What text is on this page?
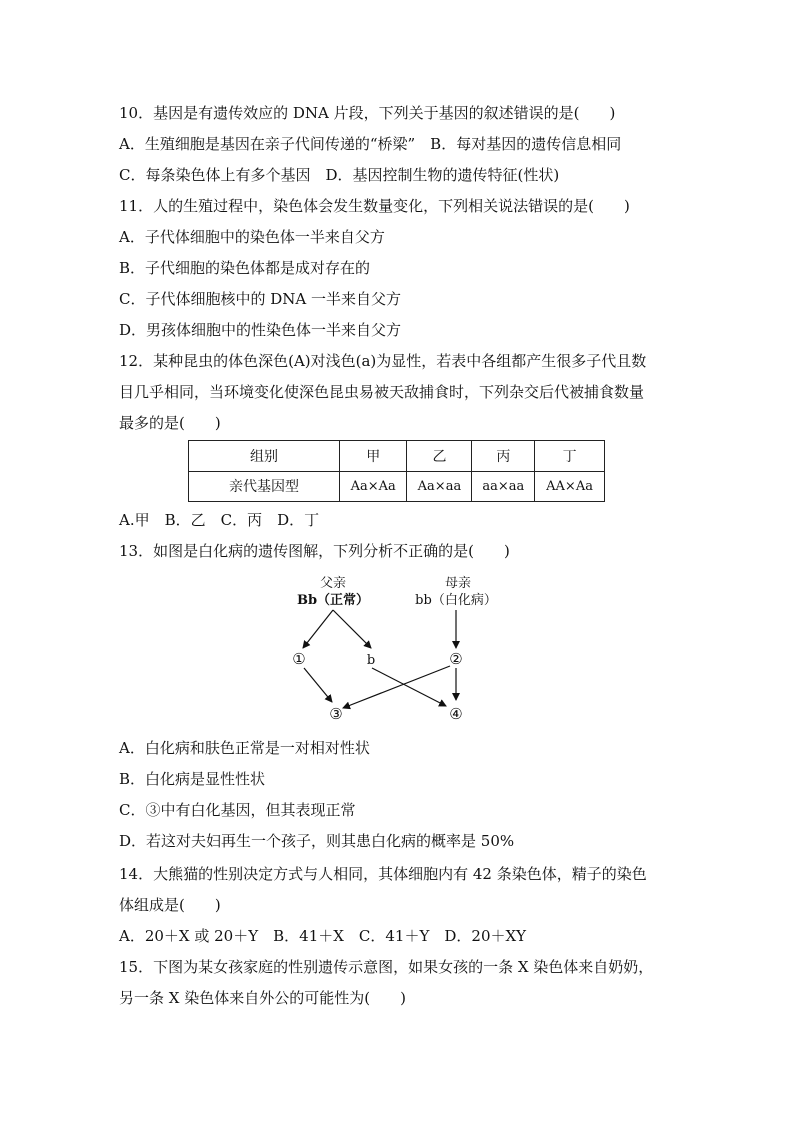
10．基因是有遗传效应的 DNA 片段，下列关于基因的叙述错误的是(　　)
A．生殖细胞是基因在亲子代间传递的“桥梁”　B．每对基因的遗传信息相同
C．每条染色体上有多个基因　D．基因控制生物的遗传特征(性状)
11．人的生殖过程中，染色体会发生数量变化，下列相关说法错误的是(　　)
A．子代体细胞中的染色体一半来自父方
B．子代细胞的染色体都是成对存在的
C．子代体细胞核中的 DNA 一半来自父方
D．男孩体细胞中的性染色体一半来自父方
12．某种昆虫的体色深色(A)对浅色(a)为显性，若表中各组都产生很多子代且数
目几乎相同，当环境变化使深色昆虫易被天敌捕食时，下列杂交后代被捕食数量
最多的是(　　)
组别	甲	乙	丙	丁
亲代基因型	Aa×Aa	Aa×aa	aa×aa	AA×Aa
A.甲　B．乙　C．丙　D．丁
13．如图是白化病的遗传图解，下列分析不正确的是(　　)
父亲
Bb（正常）
母亲
bb（白化病）
①	b	②
③	④
A．白化病和肤色正常是一对相对性状
B．白化病是显性性状
C．③中有白化基因，但其表现正常
D．若这对夫妇再生一个孩子，则其患白化病的概率是 50%
14．大熊猫的性别决定方式与人相同，其体细胞内有 42 条染色体，精子的染色
体组成是(　　)
A．20＋X 或 20＋Y　B．41＋X　C．41＋Y　D．20＋XY
15．下图为某女孩家庭的性别遗传示意图，如果女孩的一条 X 染色体来自奶奶，
另一条 X 染色体来自外公的可能性为(　　)
